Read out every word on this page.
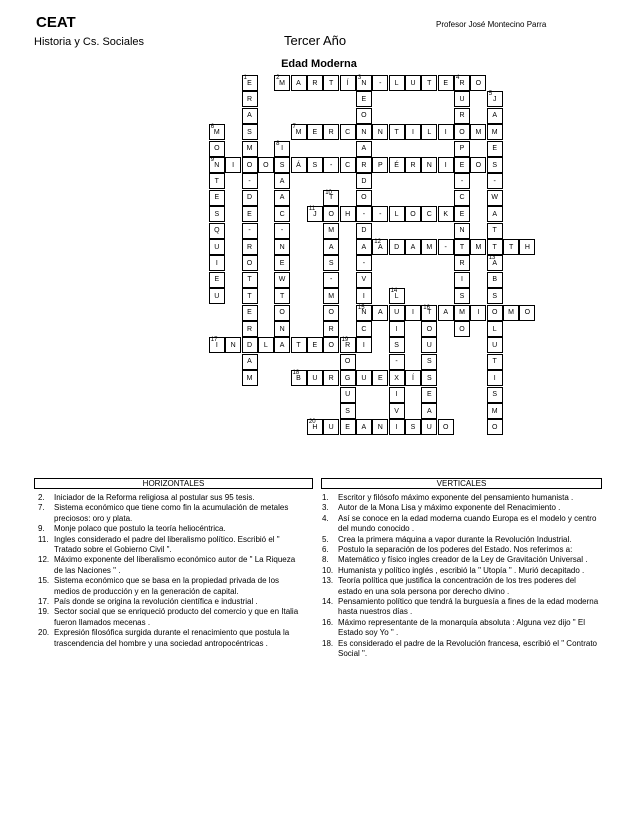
CEAT
Historia y Cs. Sociales
Profesor José Montecino Parra
Tercer Año
Edad Moderna
E
1
R
A
S
M
O
-
D
E
-
R
O
T
T
E
R
D
A
M
M
2
A R T Í N
3
- L U T E R
4
O
E
O
N
A
R
D
O
-
D
A
-
V
I
N
15
C
I
U
R
O
P
E
-
C
E
N
T
R
I
S
M
O
J
5
A
M
E
S
-
W
A
T
T
M
6
O
N
9
T
E
S
Q
U
I
E
U
M
7
E R C	N T I L I	M
I
8
S
A
A
C
-
N
E
W
T
O
N
I	O	Á S - C	P É R N I	O
T
10
O
M
A
S
-
M
O
R
O
J
11
H	- L O C K
A
12
D A M -	M	T H
A
13
B
S
O
L
U
T
I
S
M
O
L
14
U
I
S
-
X
I
V
A	I T
16
A	I	M O
O
U
S
S
E
A
U
I
17
N	L A T E	R
19
B
18
U R G U E	Í
O
U
S
E
H
20
U	A N I S	O
HORIZONTALES	VERTICALES

2. Iniciador de la Reforma religiosa al postular sus 95 tesis.

7. Sistema económico que tiene como fin la acumulación de metales preciosos: oro y plata.

9. Monje polaco que postulo la teoría heliocéntrica.

11. Ingles considerado el padre del liberalismo político. Escribió el " Tratado sobre el Gobierno Civil ".

12. Máximo exponente del liberalismo económico autor de " La Riqueza de las Naciones " .

15. Sistema económico que se basa en la propiedad privada de los medios de producción y en la generación de capital.

17. País donde se origina la revolución científica e industrial .

19. Sector social que se enriqueció producto del comercio y que en Italia fueron llamados mecenas .

20. Expresión filosófica surgida durante el renacimiento que postula la trascendencia del hombre y una sociedad antropocéntricas .

1. Escritor y filósofo máximo exponente del pensamiento humanista .

3. Autor de la Mona Lisa y máximo exponente del Renacimiento .

4. Así se conoce en la edad moderna cuando Europa es el modelo y centro del mundo conocido .

5. Crea la primera máquina a vapor durante la Revolución Industrial.

6. Postulo la separación de los poderes del Estado. Nos referimos a:

8. Matemático y físico ingles creador de la Ley de Gravitación Universal .

10. Humanista y político inglés , escribió la " Utopía " . Murió decapitado .

13. Teoría política que justifica la concentración de los tres poderes del estado en una sola persona por derecho divino .

14. Pensamiento político que tendrá la burguesía a fines de la edad moderna hasta nuestros días .

16. Máximo representante de la monarquía absoluta : Alguna vez dijo " El Estado soy Yo " .

18. Es considerado el padre de la Revolución francesa, escribió el " Contrato Social ".
